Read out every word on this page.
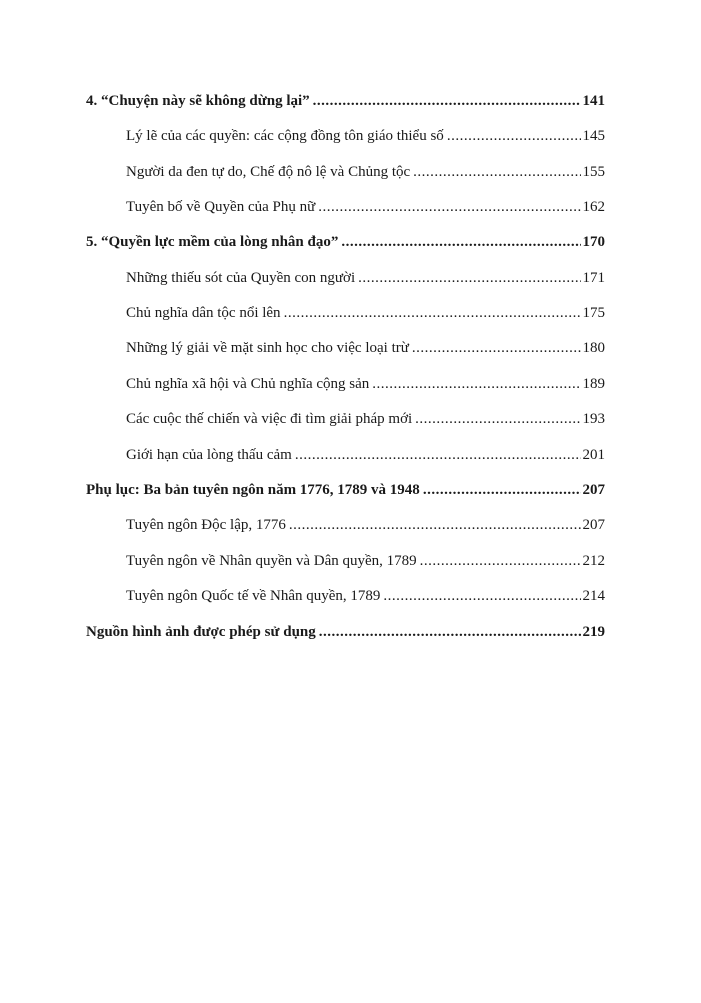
4. “Chuyện này sẽ không dừng lại” .....	141
Lý lẽ của các quyền: các cộng đồng tôn giáo thiểu số .....	145
Người da đen tự do, Chế độ nô lệ và Chủng tộc .....	155
Tuyên bố về Quyền của Phụ nữ .....	162
5. “Quyền lực mềm của lòng nhân đạo” .....	170
Những thiếu sót của Quyền con người .....	171
Chủ nghĩa dân tộc nổi lên .....	175
Những lý giải về mặt sinh học cho việc loại trừ .....	180
Chủ nghĩa xã hội và Chủ nghĩa cộng sản .....	189
Các cuộc thế chiến và việc đi tìm giải pháp mới .....	193
Giới hạn của lòng thấu cảm .....	201
Phụ lục: Ba bản tuyên ngôn năm 1776, 1789 và 1948 .....	207
Tuyên ngôn Độc lập, 1776 .....	207
Tuyên ngôn về Nhân quyền và Dân quyền, 1789 .....	212
Tuyên ngôn Quốc tế về Nhân quyền, 1789 .....	214
Nguồn hình ảnh được phép sử dụng .....	219
